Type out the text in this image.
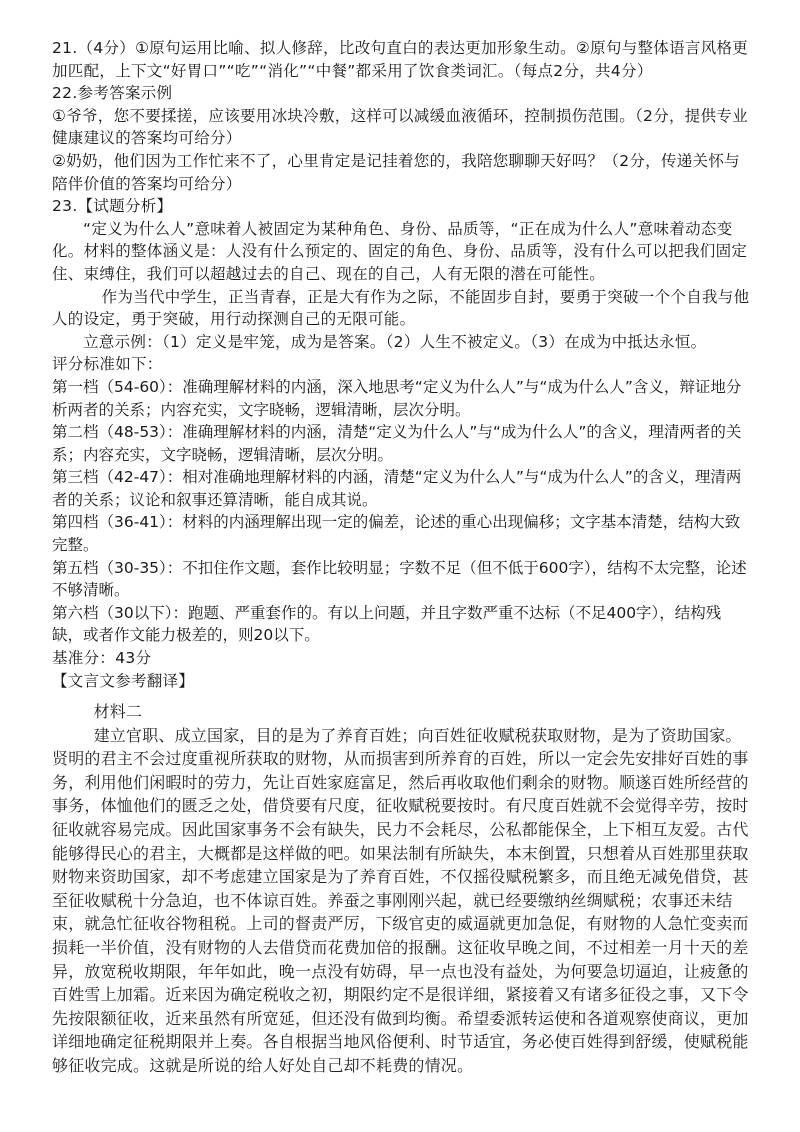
21.（4分）①原句运用比喻、拟人修辞，比改句直白的表达更加形象生动。②原句与整体语言风格更加匹配，上下文“好胃口”“吃”“消化”“中餐”都采用了饮食类词汇。（每点2分，共4分）

22.参考答案示例

①爷爷，您不要揉搓，应该要用冰块冷敷，这样可以减缓血液循环，控制损伤范围。（2分，提供专业健康建议的答案均可给分）

②奶奶，他们因为工作忙来不了，心里肯定是记挂着您的，我陪您聊聊天好吗？（2分，传递关怀与陪伴价值的答案均可给分）

23.【试题分析】

“定义为什么人”意味着人被固定为某种角色、身份、品质等，“正在成为什么人”意味着动态变化。材料的整体涵义是：人没有什么预定的、固定的角色、身份、品质等，没有什么可以把我们固定住、束缚住，我们可以超越过去的自己、现在的自己，人有无限的潜在可能性。

作为当代中学生，正当青春，正是大有作为之际，不能固步自封，要勇于突破一个个自我与他人的设定，勇于突破，用行动探测自己的无限可能。

立意示例：（1）定义是牢笼，成为是答案。（2）人生不被定义。（3）在成为中抵达永恒。

评分标准如下：

第一档（54-60）：准确理解材料的内涵，深入地思考“定义为什么人”与“成为什么人”含义，辩证地分析两者的关系；内容充实，文字晓畅，逻辑清晰，层次分明。

第二档（48-53）：准确理解材料的内涵，清楚“定义为什么人”与“成为什么人”的含义，理清两者的关系；内容充实，文字晓畅，逻辑清晰，层次分明。

第三档（42-47）：相对准确地理解材料的内涵，清楚“定义为什么人”与“成为什么人”的含义，理清两者的关系；议论和叙事还算清晰，能自成其说。

第四档（36-41）：材料的内涵理解出现一定的偏差，论述的重心出现偏移；文字基本清楚，结构大致完整。

第五档（30-35）：不扣住作文题，套作比较明显；字数不足（但不低于600字），结构不太完整，论述不够清晰。

第六档（30以下）：跑题、严重套作的。有以上问题，并且字数严重不达标（不足400字），结构残缺，或者作文能力极差的，则20以下。

基准分：43分

【文言文参考翻译】

材料二

建立官职、成立国家，目的是为了养育百姓；向百姓征收赋税获取财物，是为了资助国家。贤明的君主不会过度重视所获取的财物，从而损害到所养育的百姓，所以一定会先安排好百姓的事务，利用他们闲暇时的劳力，先让百姓家庭富足，然后再收取他们剩余的财物。顺遂百姓所经营的事务，体恤他们的匮乏之处，借贷要有尺度，征收赋税要按时。有尺度百姓就不会觉得辛劳，按时征收就容易完成。因此国家事务不会有缺失，民力不会耗尽，公私都能保全，上下相互友爱。古代能够得民心的君主，大概都是这样做的吧。如果法制有所缺失，本末倒置，只想着从百姓那里获取财物来资助国家，却不考虑建立国家是为了养育百姓，不仅摇役赋税繁多，而且绝无减免借贷，甚至征收赋税十分急迫，也不体谅百姓。养蚕之事刚刚兴起，就已经要缴纳丝绸赋税；农事还未结束，就急忙征收谷物租税。上司的督责严厉，下级官吏的威逼就更加急促，有财物的人急忙变卖而损耗一半价值，没有财物的人去借贷而花费加倍的报酬。这征收早晚之间，不过相差一月十天的差异，放宽税收期限，年年如此，晚一点没有妨碍，早一点也没有益处，为何要急切逼迫，让疲惫的百姓雪上加霜。近来因为确定税收之初，期限约定不是很详细，紧接着又有诸多征役之事，又下令先按限额征收，近来虽然有所宽延，但还没有做到均衡。希望委派转运使和各道观察使商议，更加详细地确定征税期限并上奏。各自根据当地风俗便利、时节适宜，务必使百姓得到舒缓，使赋税能够征收完成。这就是所说的给人好处自己却不耗费的情况。
